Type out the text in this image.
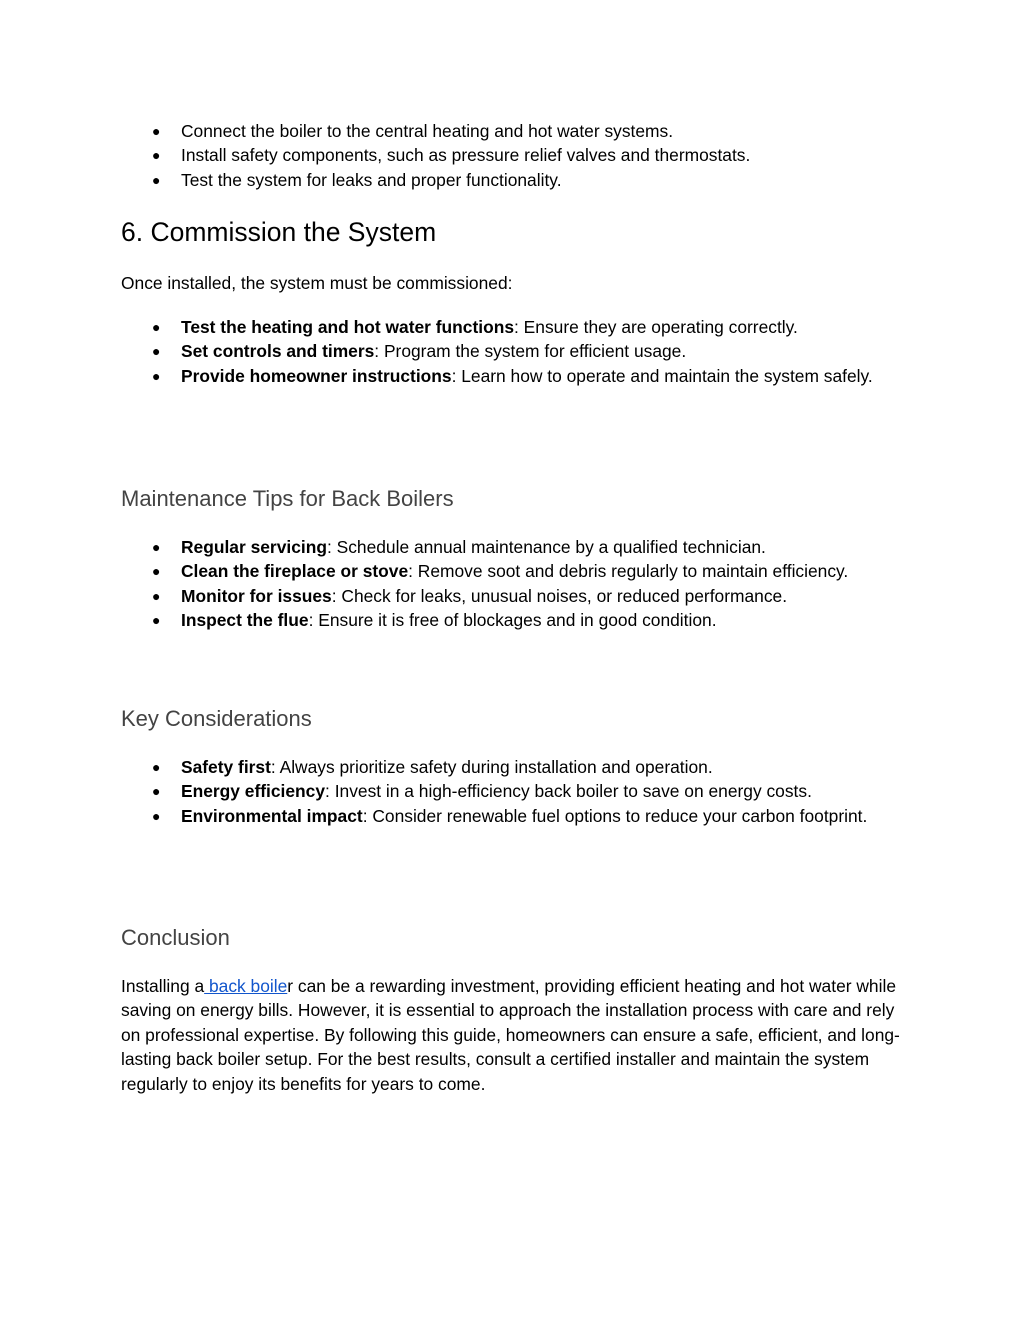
● Connect the boiler to the central heating and hot water systems.
● Install safety components, such as pressure relief valves and thermostats.
● Test the system for leaks and proper functionality.
6. Commission the System

Once installed, the system must be commissioned:

● Test the heating and hot water functions: Ensure they are operating correctly.
● Set controls and timers: Program the system for efficient usage.
● Provide homeowner instructions: Learn how to operate and maintain the system safely.
Maintenance Tips for Back Boilers
● Regular servicing: Schedule annual maintenance by a qualified technician.
● Clean the fireplace or stove: Remove soot and debris regularly to maintain efficiency.
● Monitor for issues: Check for leaks, unusual noises, or reduced performance.
● Inspect the flue: Ensure it is free of blockages and in good condition.
Key Considerations
● Safety first: Always prioritize safety during installation and operation.
● Energy efficiency: Invest in a high-efficiency back boiler to save on energy costs.
● Environmental impact: Consider renewable fuel options to reduce your carbon footprint.
Conclusion

Installing a back boiler can be a rewarding investment, providing efficient heating and hot water while saving on energy bills. However, it is essential to approach the installation process with care and rely on professional expertise. By following this guide, homeowners can ensure a safe, efficient, and long-lasting back boiler setup. For the best results, consult a certified installer and maintain the system regularly to enjoy its benefits for years to come.
